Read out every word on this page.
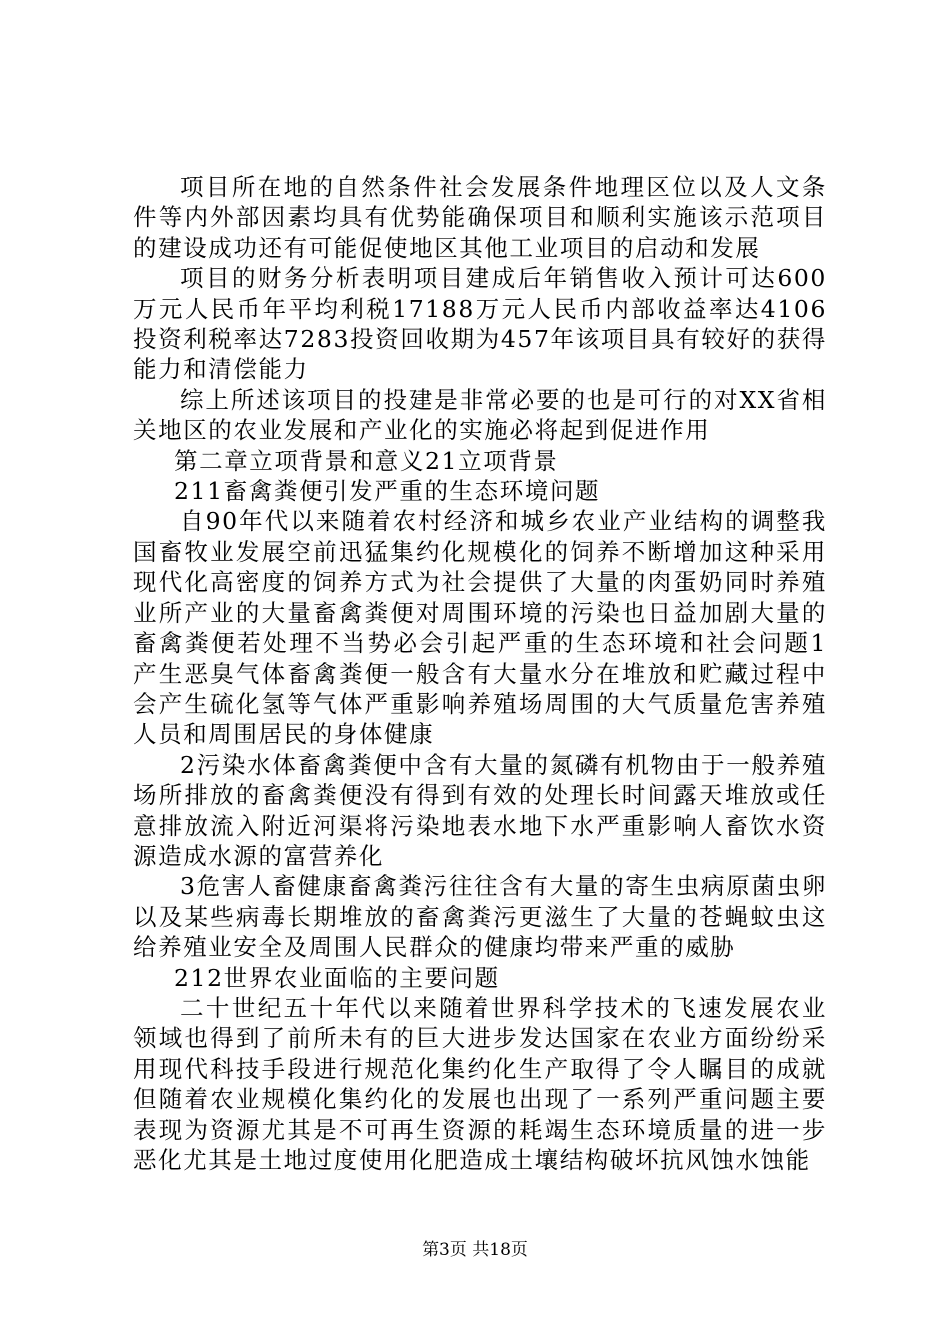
项目所在地的自然条件社会发展条件地理区位以及人文条件等内外部因素均具有优势能确保项目和顺利实施该示范项目的建设成功还有可能促使地区其他工业项目的启动和发展

项目的财务分析表明项目建成后年销售收入预计可达600万元人民币年平均利税17188万元人民币内部收益率达4106投资利税率达7283投资回收期为457年该项目具有较好的获得能力和清偿能力

综上所述该项目的投建是非常必要的也是可行的对XX省相关地区的农业发展和产业化的实施必将起到促进作用

第二章立项背景和意义21立项背景

211畜禽粪便引发严重的生态环境问题

自90年代以来随着农村经济和城乡农业产业结构的调整我国畜牧业发展空前迅猛集约化规模化的饲养不断增加这种采用现代化高密度的饲养方式为社会提供了大量的肉蛋奶同时养殖业所产业的大量畜禽粪便对周围环境的污染也日益加剧大量的畜禽粪便若处理不当势必会引起严重的生态环境和社会问题1产生恶臭气体畜禽粪便一般含有大量水分在堆放和贮藏过程中会产生硫化氢等气体严重影响养殖场周围的大气质量危害养殖人员和周围居民的身体健康

2污染水体畜禽粪便中含有大量的氮磷有机物由于一般养殖场所排放的畜禽粪便没有得到有效的处理长时间露天堆放或任意排放流入附近河渠将污染地表水地下水严重影响人畜饮水资源造成水源的富营养化

3危害人畜健康畜禽粪污往往含有大量的寄生虫病原菌虫卵以及某些病毒长期堆放的畜禽粪污更滋生了大量的苍蝇蚊虫这给养殖业安全及周围人民群众的健康均带来严重的威胁

212世界农业面临的主要问题

二十世纪五十年代以来随着世界科学技术的飞速发展农业领域也得到了前所未有的巨大进步发达国家在农业方面纷纷采用现代科技手段进行规范化集约化生产取得了令人瞩目的成就但随着农业规模化集约化的发展也出现了一系列严重问题主要表现为资源尤其是不可再生资源的耗竭生态环境质量的进一步恶化尤其是土地过度使用化肥造成土壤结构破坏抗风蚀水蚀能

第3页 共18页
